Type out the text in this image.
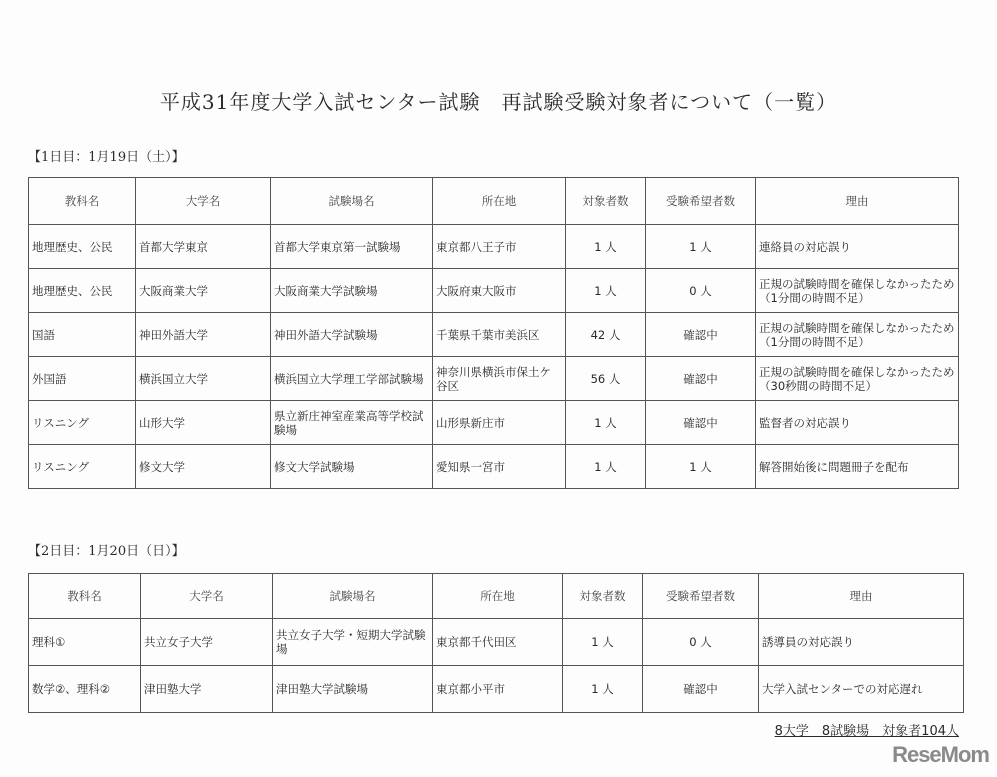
平成31年度大学入試センター試験　再試験受験対象者について（一覧）
【1日目：1月19日（土）】
教科名	大学名	試験場名	所在地	対象者数	受験希望者数	理由
地理歴史、公民	首都大学東京	首都大学東京第一試験場	東京都八王子市	1 人	1 人	連絡員の対応誤り
地理歴史、公民	大阪商業大学	大阪商業大学試験場	大阪府東大阪市	1 人	0 人	正規の試験時間を確保しなかったため
（1分間の時間不足）
国語	神田外語大学	神田外語大学試験場	千葉県千葉市美浜区	42 人	確認中	正規の試験時間を確保しなかったため
（1分間の時間不足）
外国語	横浜国立大学	横浜国立大学理工学部試験場	神奈川県横浜市保土ケ谷区	56 人	確認中	正規の試験時間を確保しなかったため
（30秒間の時間不足）
リスニング	山形大学	県立新庄神室産業高等学校試験場	山形県新庄市	1 人	確認中	監督者の対応誤り
リスニング	修文大学	修文大学試験場	愛知県一宮市	1 人	1 人	解答開始後に問題冊子を配布
【2日目：1月20日（日）】
教科名	大学名	試験場名	所在地	対象者数	受験希望者数	理由
理科①	共立女子大学	共立女子大学・短期大学試験場	東京都千代田区	1 人	0 人	誘導員の対応誤り
数学②、理科②	津田塾大学	津田塾大学試験場	東京都小平市	1 人	確認中	大学入試センターでの対応遅れ
8大学　8試験場　対象者104人
ReseMom
